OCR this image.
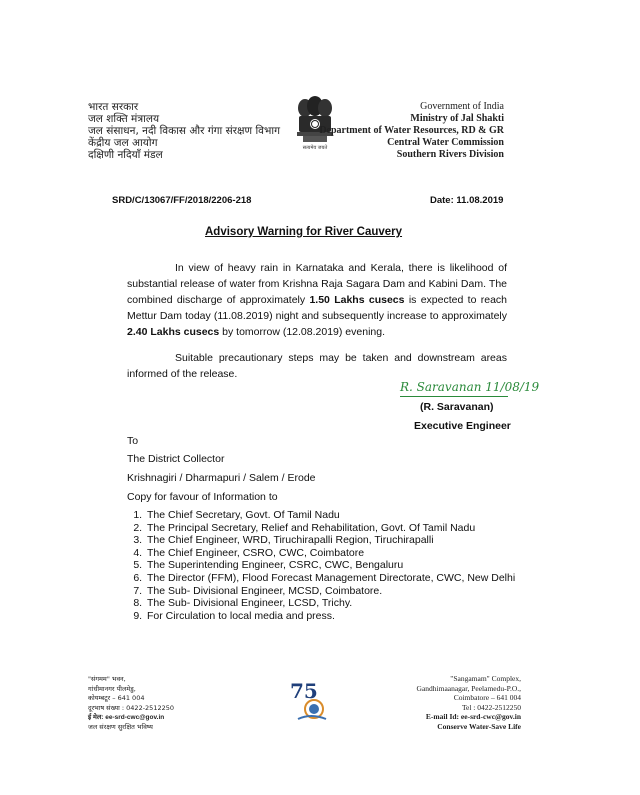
भारत सरकार
जल शक्ति मंत्रालय
जल संसाधन, नदी विकास और गंगा संरक्षण विभाग
केंद्रीय जल आयोग
दक्षिणी नदियाँ मंडल
सत्यमेव जयते
Government of India
Ministry of Jal Shakti
Department of Water Resources, RD & GR
Central Water Commission
Southern Rivers Division
SRD/C/13067/FF/2018/2206-218	Date: 11.08.2019
Advisory Warning for River Cauvery
In view of heavy rain in Karnataka and Kerala, there is likelihood of substantial release of water from Krishna Raja Sagara Dam and Kabini Dam. The combined discharge of approximately 1.50 Lakhs cusecs is expected to reach Mettur Dam today (11.08.2019) night and subsequently increase to approximately 2.40 Lakhs cusecs by tomorrow (12.08.2019) evening.
Suitable precautionary steps may be taken and downstream areas informed of the release.
R. Saravanan 11/08/19
(R. Saravanan)
Executive Engineer
To
The District Collector
Krishnagiri / Dharmapuri / Salem / Erode
Copy for favour of Information to
1. The Chief Secretary, Govt. Of Tamil Nadu
2. The Principal Secretary, Relief and Rehabilitation, Govt. Of Tamil Nadu
3. The Chief Engineer, WRD, Tiruchirapalli Region, Tiruchirapalli
4. The Chief Engineer, CSRO, CWC, Coimbatore
5. The Superintending Engineer, CSRC, CWC, Bengaluru
6. The Director (FFM), Flood Forecast Management Directorate, CWC, New Delhi
7. The Sub- Divisional Engineer, MCSD, Coimbatore.
8. The Sub- Divisional Engineer, LCSD, Trichy.
9. For Circulation to local media and press.
"संगमम" भवन,
गांधीमानगर पीलमेडु,
कोयम्बटूर – 641 004
दूरभाष संख्या : 0422-2512250
ई मेल: ee-srd-cwc@gov.in
जल संरक्षण सुरक्षित भविष्य
75
"Sangamam" Complex,
Gandhimaanagar, Peelamedu-P.O.,
Coimbatore – 641 004
Tel : 0422-2512250
E-mail Id: ee-srd-cwc@gov.in
Conserve Water-Save Life
